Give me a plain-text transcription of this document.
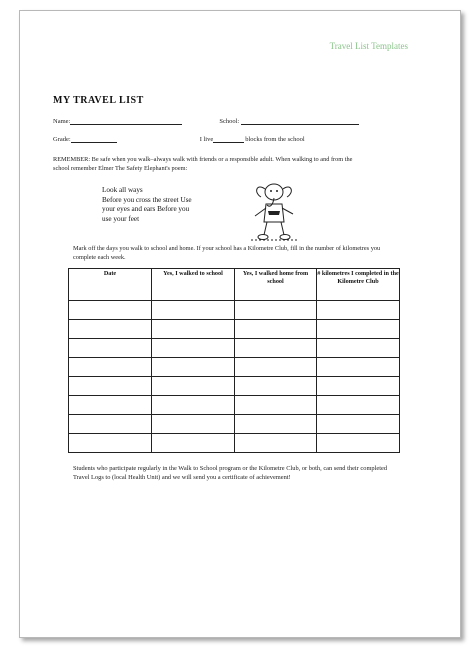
Travel List Templates
MY TRAVEL LIST
Name:	School:
Grade:	I live	blocks from the school
REMEMBER: Be safe when you walk–always walk with friends or a responsible adult. When walking to and from the school remember Elmer The Safety Elephant's poem:
Look all ways
Before you cross the street Use
your eyes and ears Before you
use your feet
Mark off the days you walk to school and home. If your school has a Kilometre Club, fill in the number of kilometres you complete each week.
Date	Yes, I walked to school	Yes, I walked home from school	# kilometres I completed in the Kilometre Club

Students who participate regularly in the Walk to School program or the Kilometre Club, or both, can send their completed Travel Logs to (local Health Unit) and we will send you a certificate of achievement!
